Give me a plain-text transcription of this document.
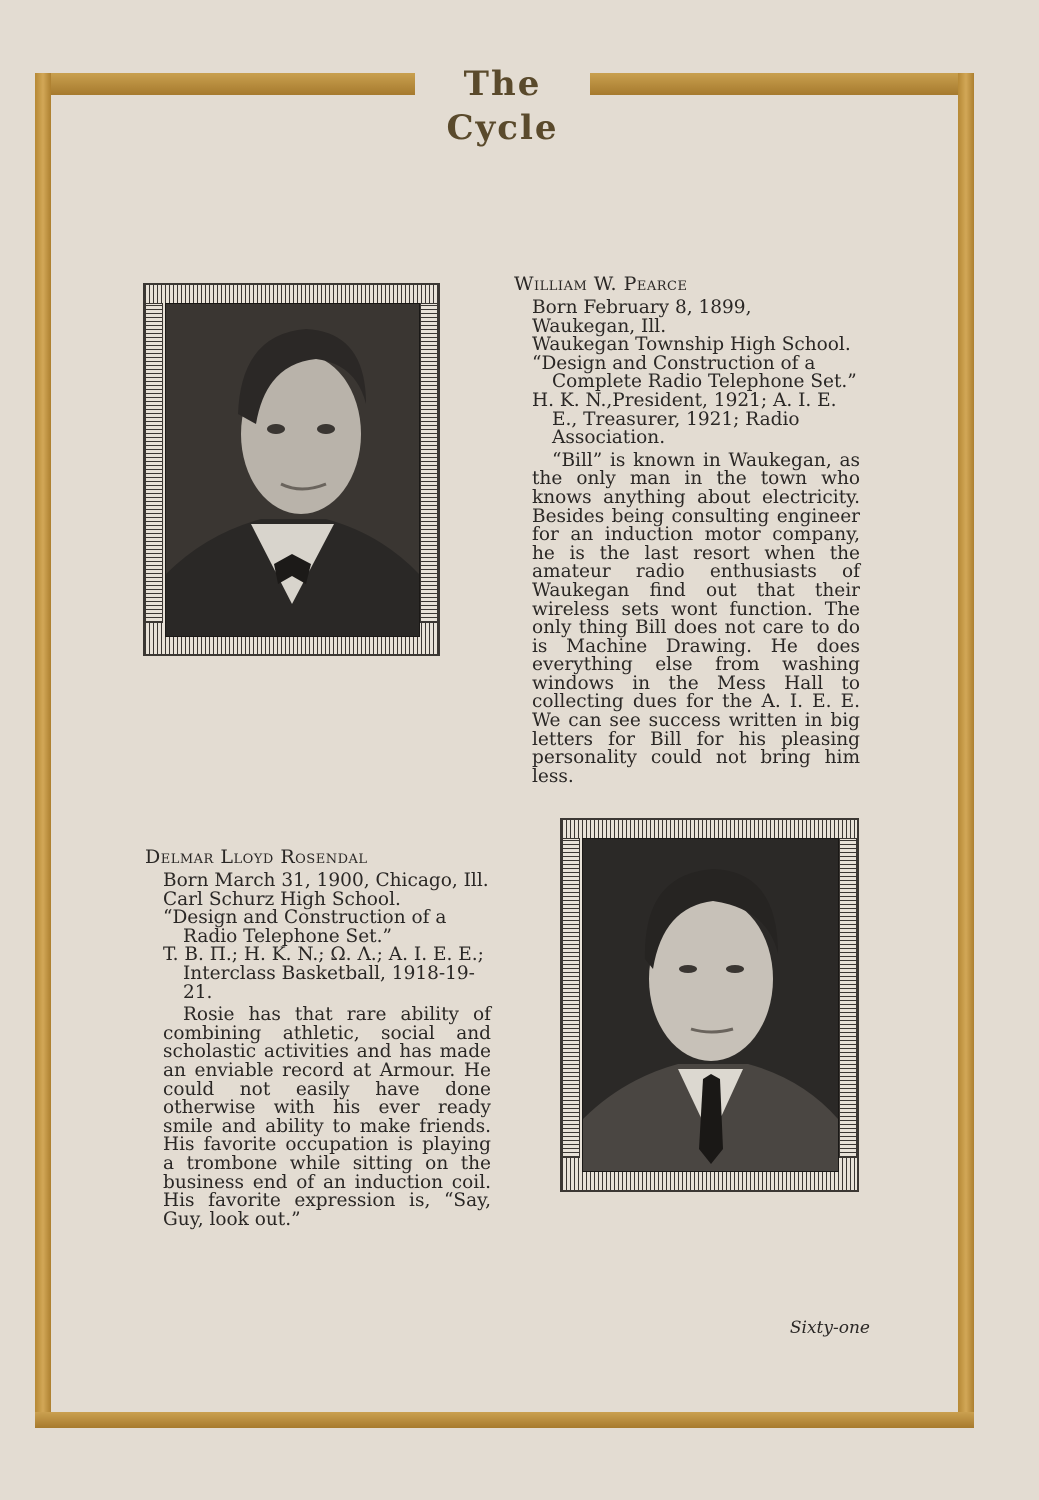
The Cycle
William W. Pearce

Born February 8, 1899, Waukegan, Ill.

Waukegan Township High School.

“Design and Construction of a Complete Radio Telephone Set.”

H. K. N.,President, 1921; A. I. E. E., Treasurer, 1921; Radio Association.

“Bill” is known in Waukegan, as the only man in the town who knows anything about electricity. Besides being consulting engineer for an induction motor company, he is the last resort when the amateur radio enthusiasts of Waukegan find out that their wireless sets wont function. The only thing Bill does not care to do is Machine Drawing. He does everything else from washing windows in the Mess Hall to collecting dues for the A. I. E. E. We can see success written in big letters for Bill for his pleasing personality could not bring him less.

Delmar Lloyd Rosendal

Born March 31, 1900, Chicago, Ill.

Carl Schurz High School.

“Design and Construction of a Radio Telephone Set.”

T. B. Π.; H. K. N.; Ω. Λ.; A. I. E. E.; Interclass Basketball, 1918-19-21.

Rosie has that rare ability of combining athletic, social and scholastic activities and has made an enviable record at Armour. He could not easily have done otherwise with his ever ready smile and ability to make friends. His favorite occupation is playing a trombone while sitting on the business end of an induction coil. His favorite expression is, “Say, Guy, look out.”

Sixty-one
